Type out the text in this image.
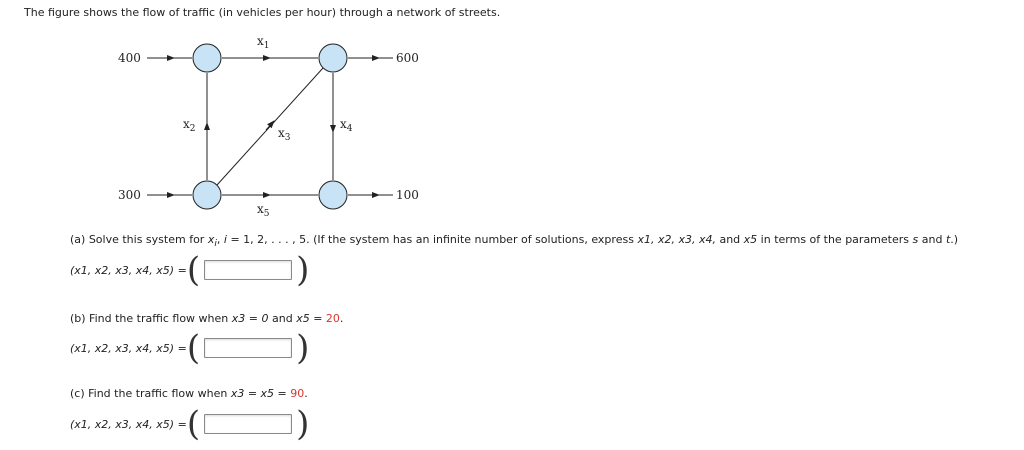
The figure shows the flow of traffic (in vehicles per hour) through a network of streets.
400	600
300	100
$x_1$
$x_2$	$x_3$
$x_4$
$x_5$
(a) Solve this system for $x_i$, i = 1, 2, . . . , 5. (If the system has an infinite number of solutions, express x1, x2, x3, x4, and x5 in terms of the parameters s and t.)
(x1, x2, x3, x4, x5) = (	)
(b) Find the traffic flow when x3 = 0 and x5 = 20.
(x1, x2, x3, x4, x5) = (	)
(c) Find the traffic flow when x3 = x5 = 90.
(x1, x2, x3, x4, x5) = (	)
